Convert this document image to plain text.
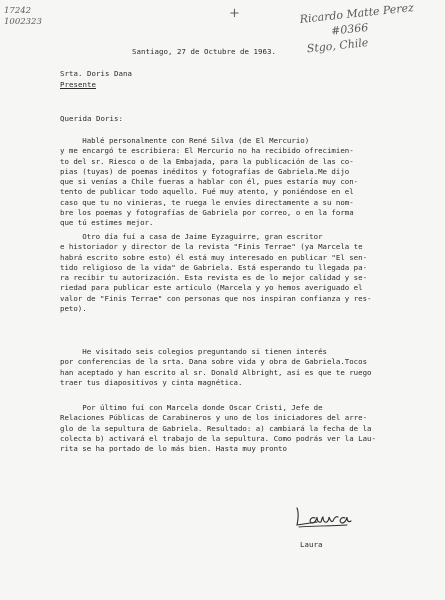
17242
1002323
+	Ricardo Matte Perez
#0366
Stgo, Chile
Santiago, 27 de Octubre de 1963.
Srta. Doris Dana
Presente
Querida Doris:
Hablé personalmente con René Silva (de El Mercurio)
y me encargó te escribiera: El Mercurio no ha recibido ofrecimien-
to del sr. Riesco o de la Embajada, para la publicación de las co-
pias (tuyas) de poemas inéditos y fotografías de Gabriela.Me dijo
que si venías a Chile fueras a hablar con él, pues estaría muy con-
tento de publicar todo aquello. Fué muy atento, y poniéndose en el
caso que tu no vinieras, te ruega le envíes directamente a su nom-
bre los poemas y fotografías de Gabriela por correo, o en la forma
que tú estimes mejor.
Otro día fuí a casa de Jaime Eyzaguirre, gran escritor
e historiador y director de la revista "Finis Terrae" (ya Marcela te
habrá escrito sobre esto) él está muy interesado en publicar "El sen-
tido religioso de la vida" de Gabriela. Está esperando tu llegada pa-
ra recibir tu autorización. Esta revista es de lo mejor calidad y se-
riedad para publicar este artículo (Marcela y yo hemos averiguado el
valor de "Finis Terrae" con personas que nos inspiran confianza y res-
peto).
He visitado seis colegios preguntando si tienen interés
por conferencias de la srta. Dana sobre vida y obra de Gabriela.Tocos
han aceptado y han escrito al sr. Donald Albright, así es que te ruego
traer tus diapositivos y cinta magnética.
Por último fuí con Marcela donde Oscar Cristi, Jefe de
Relaciones Públicas de Carabineros y uno de los iniciadores del arre-
glo de la sepultura de Gabriela. Resultado: a) cambiará la fecha de la
colecta b) activará el trabajo de la sepultura. Como podrás ver la Lau-
rita se ha portado de lo más bien. Hasta muy pronto
Laura
